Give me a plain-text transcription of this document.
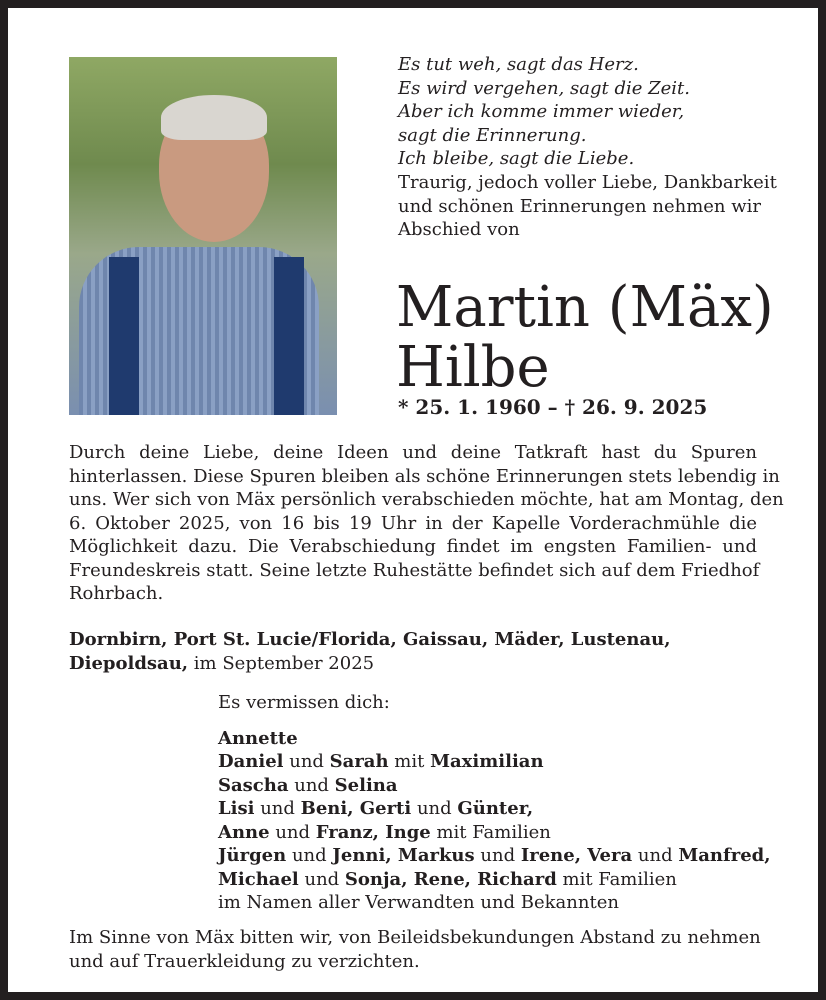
Es tut weh, sagt das Herz.
Es wird vergehen, sagt die Zeit.
Aber ich komme immer wieder,
sagt die Erinnerung.
Ich bleibe, sagt die Liebe.
Traurig, jedoch voller Liebe, Dankbarkeit
und schönen Erinnerungen nehmen wir
Abschied von
Martin (Mäx)
Hilbe
* 25. 1. 1960 – † 26. 9. 2025
Durch deine Liebe, deine Ideen und deine Tatkraft hast du Spuren
hinterlassen. Diese Spuren bleiben als schöne Erinnerungen stets lebendig in
uns. Wer sich von Mäx persönlich verabschieden möchte, hat am Montag, den
6. Oktober 2025, von 16 bis 19 Uhr in der Kapelle Vorderachmühle die
Möglichkeit dazu. Die Verabschiedung findet im engsten Familien- und
Freundeskreis statt. Seine letzte Ruhestätte befindet sich auf dem Friedhof
Rohrbach.
Dornbirn, Port St. Lucie/Florida, Gaissau, Mäder, Lustenau,
Diepoldsau, im September 2025
Es vermissen dich:
Annette
Daniel und Sarah mit Maximilian
Sascha und Selina
Lisi und Beni, Gerti und Günter,
Anne und Franz, Inge mit Familien
Jürgen und Jenni, Markus und Irene, Vera und Manfred,
Michael und Sonja, Rene, Richard mit Familien
im Namen aller Verwandten und Bekannten
Im Sinne von Mäx bitten wir, von Beileidsbekundungen Abstand zu nehmen
und auf Trauerkleidung zu verzichten.
